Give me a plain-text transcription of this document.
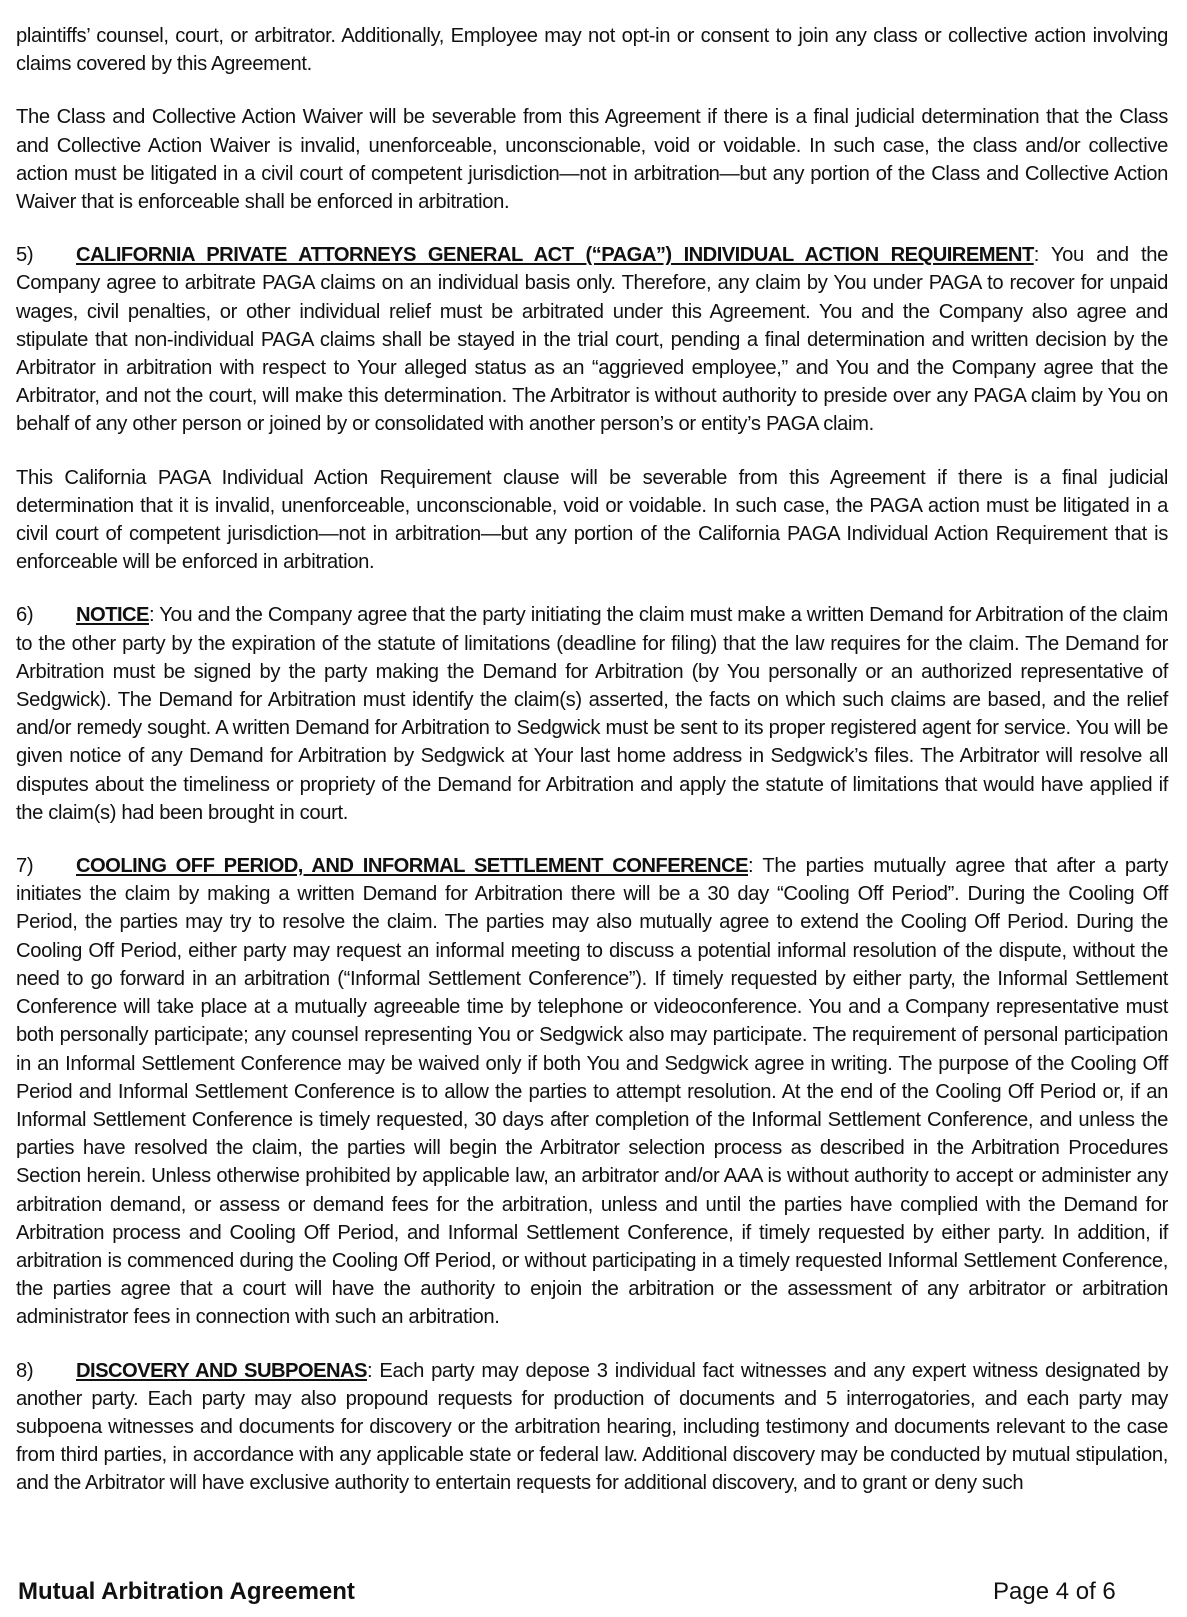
plaintiffs’ counsel, court, or arbitrator. Additionally, Employee may not opt-in or consent to join any class or collective action involving claims covered by this Agreement.

The Class and Collective Action Waiver will be severable from this Agreement if there is a final judicial determination that the Class and Collective Action Waiver is invalid, unenforceable, unconscionable, void or voidable. In such case, the class and/or collective action must be litigated in a civil court of competent jurisdiction—not in arbitration—but any portion of the Class and Collective Action Waiver that is enforceable shall be enforced in arbitration.

5) CALIFORNIA PRIVATE ATTORNEYS GENERAL ACT (“PAGA”) INDIVIDUAL ACTION REQUIREMENT: You and the Company agree to arbitrate PAGA claims on an individual basis only. Therefore, any claim by You under PAGA to recover for unpaid wages, civil penalties, or other individual relief must be arbitrated under this Agreement. You and the Company also agree and stipulate that non-individual PAGA claims shall be stayed in the trial court, pending a final determination and written decision by the Arbitrator in arbitration with respect to Your alleged status as an “aggrieved employee,” and You and the Company agree that the Arbitrator, and not the court, will make this determination. The Arbitrator is without authority to preside over any PAGA claim by You on behalf of any other person or joined by or consolidated with another person’s or entity’s PAGA claim.

This California PAGA Individual Action Requirement clause will be severable from this Agreement if there is a final judicial determination that it is invalid, unenforceable, unconscionable, void or voidable. In such case, the PAGA action must be litigated in a civil court of competent jurisdiction—not in arbitration—but any portion of the California PAGA Individual Action Requirement that is enforceable will be enforced in arbitration.

6) NOTICE: You and the Company agree that the party initiating the claim must make a written Demand for Arbitration of the claim to the other party by the expiration of the statute of limitations (deadline for filing) that the law requires for the claim. The Demand for Arbitration must be signed by the party making the Demand for Arbitration (by You personally or an authorized representative of Sedgwick). The Demand for Arbitration must identify the claim(s) asserted, the facts on which such claims are based, and the relief and/or remedy sought. A written Demand for Arbitration to Sedgwick must be sent to its proper registered agent for service. You will be given notice of any Demand for Arbitration by Sedgwick at Your last home address in Sedgwick’s files. The Arbitrator will resolve all disputes about the timeliness or propriety of the Demand for Arbitration and apply the statute of limitations that would have applied if the claim(s) had been brought in court.

7) COOLING OFF PERIOD, AND INFORMAL SETTLEMENT CONFERENCE: The parties mutually agree that after a party initiates the claim by making a written Demand for Arbitration there will be a 30 day “Cooling Off Period”. During the Cooling Off Period, the parties may try to resolve the claim. The parties may also mutually agree to extend the Cooling Off Period. During the Cooling Off Period, either party may request an informal meeting to discuss a potential informal resolution of the dispute, without the need to go forward in an arbitration (“Informal Settlement Conference”). If timely requested by either party, the Informal Settlement Conference will take place at a mutually agreeable time by telephone or videoconference. You and a Company representative must both personally participate; any counsel representing You or Sedgwick also may participate. The requirement of personal participation in an Informal Settlement Conference may be waived only if both You and Sedgwick agree in writing. The purpose of the Cooling Off Period and Informal Settlement Conference is to allow the parties to attempt resolution. At the end of the Cooling Off Period or, if an Informal Settlement Conference is timely requested, 30 days after completion of the Informal Settlement Conference, and unless the parties have resolved the claim, the parties will begin the Arbitrator selection process as described in the Arbitration Procedures Section herein. Unless otherwise prohibited by applicable law, an arbitrator and/or AAA is without authority to accept or administer any arbitration demand, or assess or demand fees for the arbitration, unless and until the parties have complied with the Demand for Arbitration process and Cooling Off Period, and Informal Settlement Conference, if timely requested by either party. In addition, if arbitration is commenced during the Cooling Off Period, or without participating in a timely requested Informal Settlement Conference, the parties agree that a court will have the authority to enjoin the arbitration or the assessment of any arbitrator or arbitration administrator fees in connection with such an arbitration.

8) DISCOVERY AND SUBPOENAS: Each party may depose 3 individual fact witnesses and any expert witness designated by another party. Each party may also propound requests for production of documents and 5 interrogatories, and each party may subpoena witnesses and documents for discovery or the arbitration hearing, including testimony and documents relevant to the case from third parties, in accordance with any applicable state or federal law. Additional discovery may be conducted by mutual stipulation, and the Arbitrator will have exclusive authority to entertain requests for additional discovery, and to grant or deny such

Mutual Arbitration Agreement	Page 4 of 6
